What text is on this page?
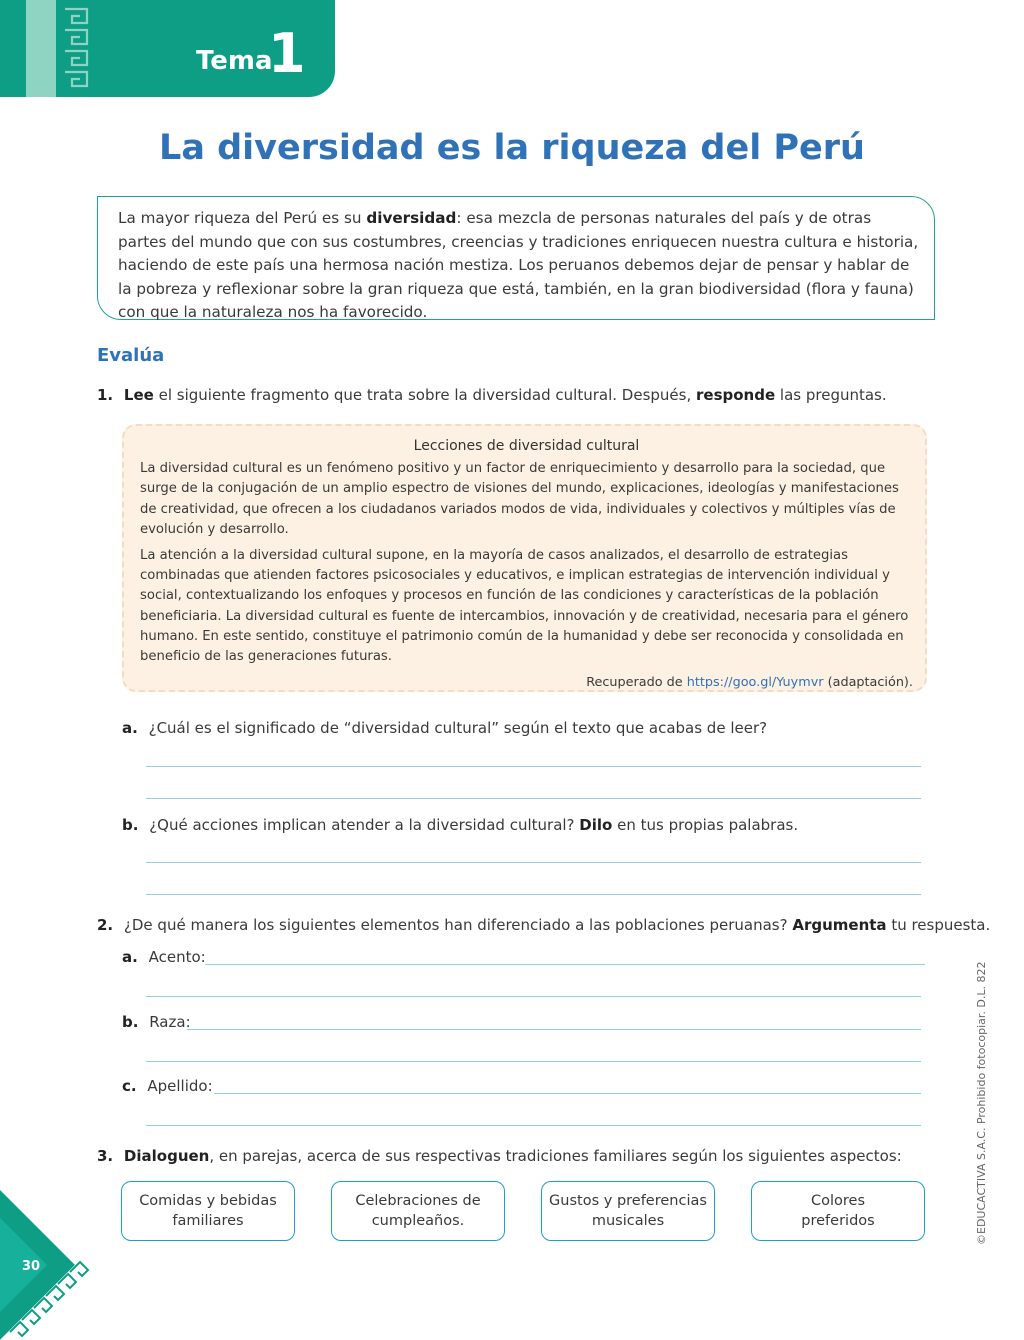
Tema
1
La diversidad es la riqueza del Perú
La mayor riqueza del Perú es su diversidad: esa mezcla de personas naturales del país y de otras partes del mundo que con sus costumbres, creencias y tradiciones enriquecen nuestra cultura e historia, haciendo de este país una hermosa nación mestiza. Los peruanos debemos dejar de pensar y hablar de la pobreza y reflexionar sobre la gran riqueza que está, también, en la gran biodiversidad (flora y fauna) con que la naturaleza nos ha favorecido.
Evalúa
1. Lee el siguiente fragmento que trata sobre la diversidad cultural. Después, responde las preguntas.
Lecciones de diversidad cultural

La diversidad cultural es un fenómeno positivo y un factor de enriquecimiento y desarrollo para la sociedad, que surge de la conjugación de un amplio espectro de visiones del mundo, explicaciones, ideologías y manifestaciones de creatividad, que ofrecen a los ciudadanos variados modos de vida, individuales y colectivos y múltiples vías de evolución y desarrollo.

La atención a la diversidad cultural supone, en la mayoría de casos analizados, el desarrollo de estrategias combinadas que atienden factores psicosociales y educativos, e implican estrategias de intervención individual y social, contextualizando los enfoques y procesos en función de las condiciones y características de la población beneficiaria. La diversidad cultural es fuente de intercambios, innovación y de creatividad, necesaria para el género humano. En este sentido, constituye el patrimonio común de la humanidad y debe ser reconocida y consolidada en beneficio de las generaciones futuras.

Recuperado de https://goo.gl/Yuymvr (adaptación).
a. ¿Cuál es el significado de “diversidad cultural” según el texto que acabas de leer?
b. ¿Qué acciones implican atender a la diversidad cultural? Dilo en tus propias palabras.
2. ¿De qué manera los siguientes elementos han diferenciado a las poblaciones peruanas? Argumenta tu respuesta.
a. Acento:
b. Raza:
c. Apellido:
3. Dialoguen, en parejas, acerca de sus respectivas tradiciones familiares según los siguientes aspectos:
Comidas y bebidas
familiares
Celebraciones de
cumpleaños.
Gustos y preferencias
musicales
Colores
preferidos	©EDUCACTIVA S.A.C. Prohibido fotocopiar. D.L. 822
30
